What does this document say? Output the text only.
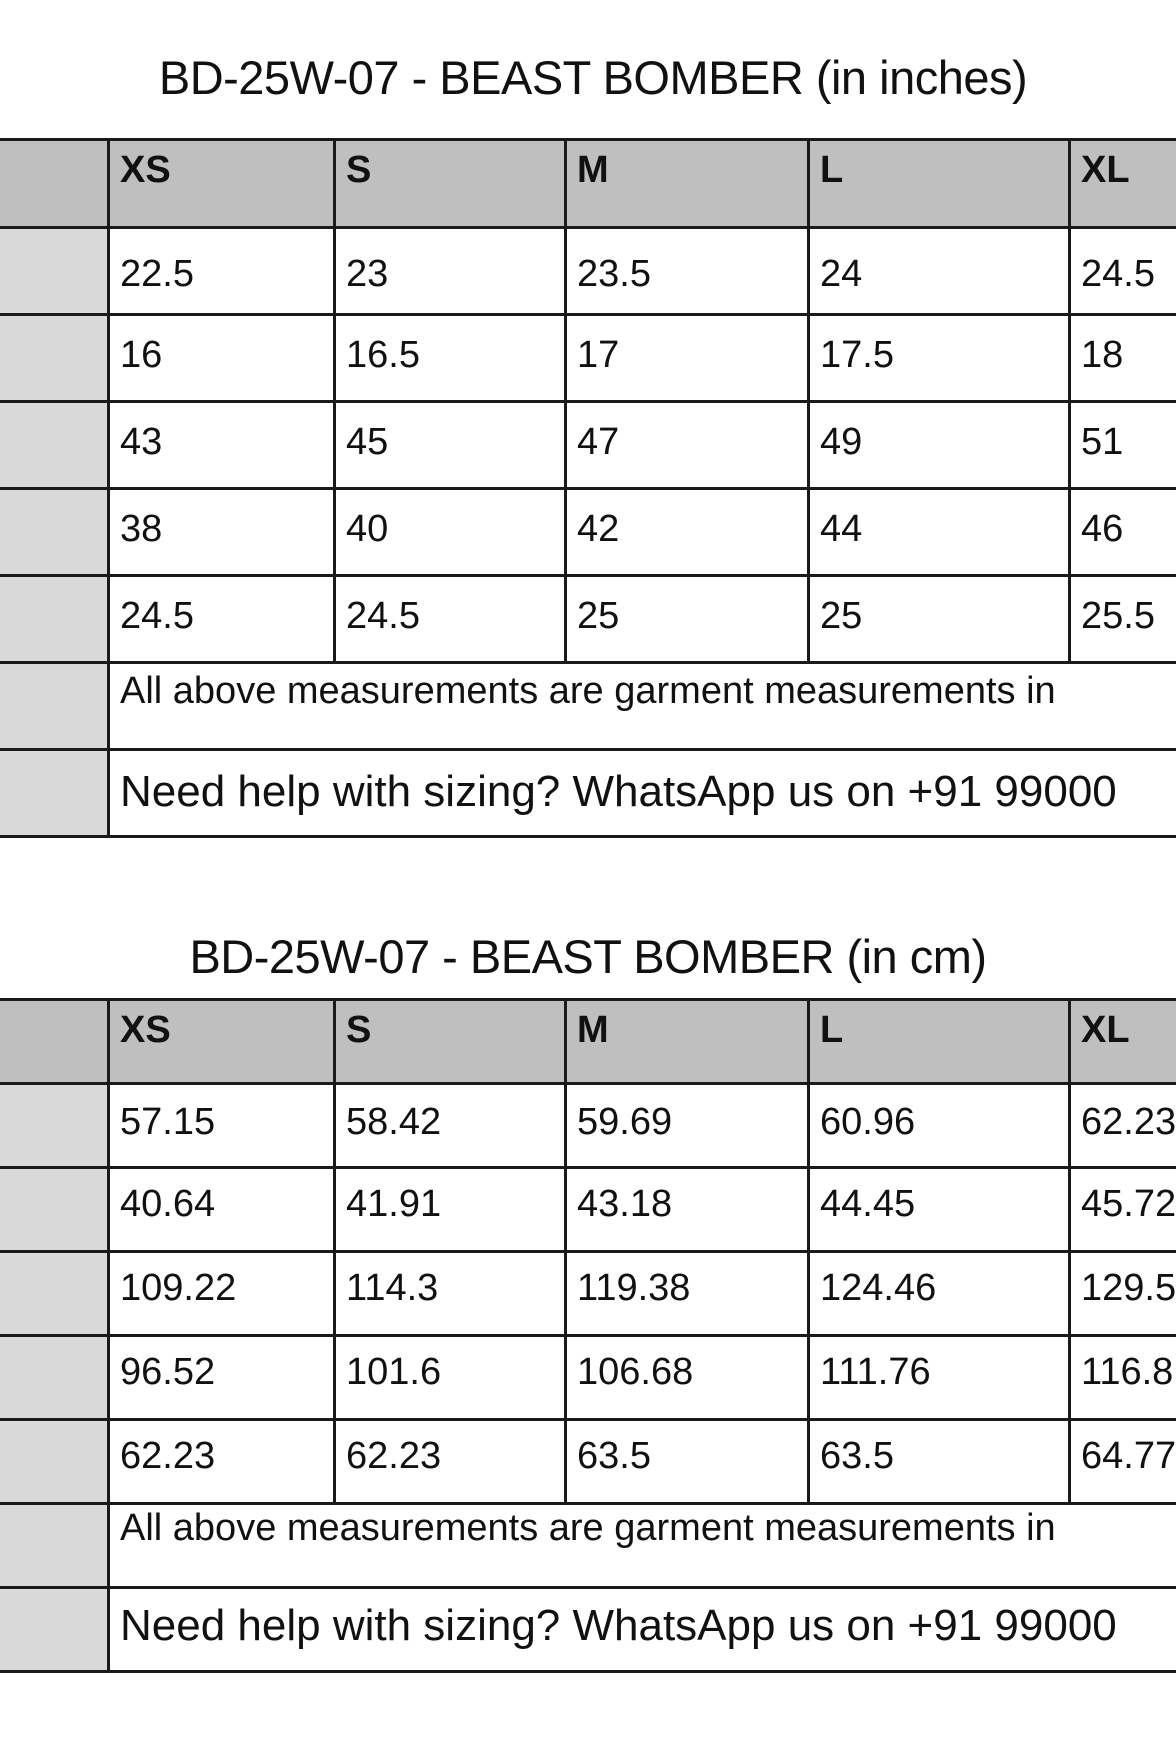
BD-25W-07 - BEAST BOMBER (in inches)
	XS	S	M	L	XL
	22.5	23	23.5	24	24.5
	16	16.5	17	17.5	18
	43	45	47	49	51
	38	40	42	44	46
	24.5	24.5	25	25	25.5
	All above measurements are garment measurements in				
	Need help with sizing? WhatsApp us on +91 99000				
BD-25W-07 - BEAST BOMBER (in cm)
	XS	S	M	L	XL
	57.15	58.42	59.69	60.96	62.23
	40.64	41.91	43.18	44.45	45.72
	109.22	114.3	119.38	124.46	129.5
	96.52	101.6	106.68	111.76	116.8
	62.23	62.23	63.5	63.5	64.77
	All above measurements are garment measurements in				
	Need help with sizing? WhatsApp us on +91 99000				
